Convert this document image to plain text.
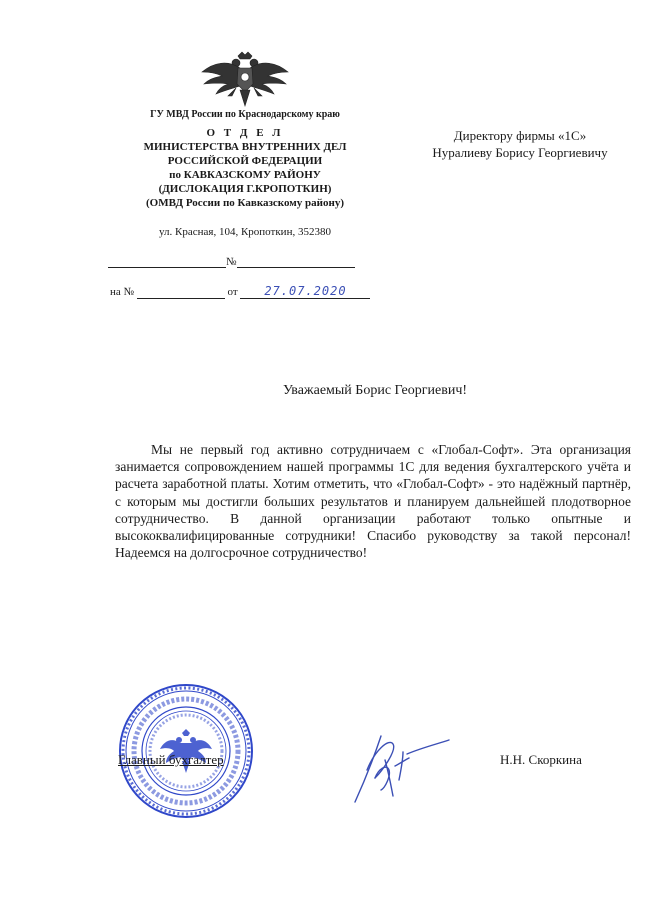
ГУ МВД России по Краснодарскому краю
О Т Д Е Л
МИНИСТЕРСТВА ВНУТРЕННИХ ДЕЛ
РОССИЙСКОЙ ФЕДЕРАЦИИ
по КАВКАЗСКОМУ РАЙОНУ
(ДИСЛОКАЦИЯ Г.КРОПОТКИН)
(ОМВД России по Кавказскому району)
ул. Красная, 104, Кропоткин, 352380
№
на №	от 27.07.2020
Директору фирмы «1С»
Нуралиеву Борису Георгиевичу
Уважаемый Борис Георгиевич!
Мы не первый год активно сотрудничаем с «Глобал-Софт». Эта организация занимается сопровождением нашей программы 1С для ведения бухгалтерского учёта и расчета заработной платы. Хотим отметить, что «Глобал-Софт» - это надёжный партнёр, с которым мы достигли больших результатов и планируем дальнейшей плодотворное сотрудничество. В данной организации работают только опытные и высококвалифицированные сотрудники! Спасибо руководству за такой персонал! Надеемся на долгосрочное сотрудничество!
Главный бухгалтер	Н.Н. Скоркина
